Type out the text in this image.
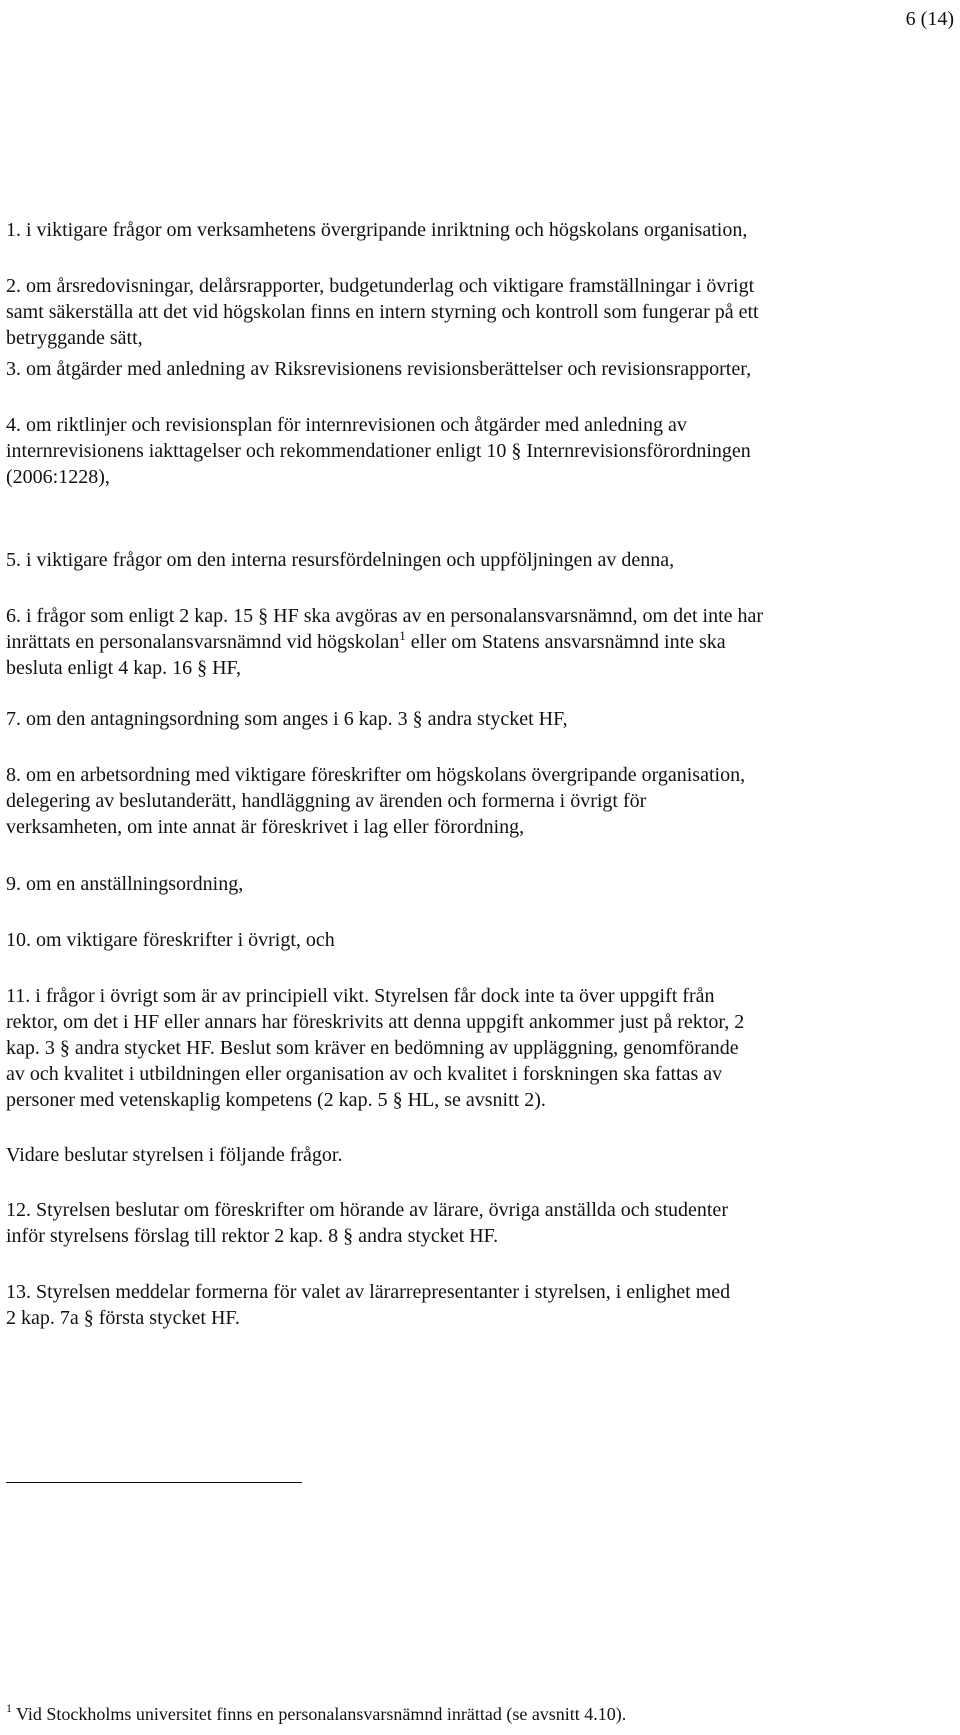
6 (14)

1. i viktigare frågor om verksamhetens övergripande inriktning och högskolans organisation,

2. om årsredovisningar, delårsrapporter, budgetunderlag och viktigare framställningar i övrigt
samt säkerställa att det vid högskolan finns en intern styrning och kontroll som fungerar på ett
betryggande sätt,

3. om åtgärder med anledning av Riksrevisionens revisionsberättelser och revisionsrapporter,

4. om riktlinjer och revisionsplan för internrevisionen och åtgärder med anledning av
internrevisionens iakttagelser och rekommendationer enligt 10 § Internrevisionsförordningen
(2006:1228),

5. i viktigare frågor om den interna resursfördelningen och uppföljningen av denna,

6. i frågor som enligt 2 kap. 15 § HF ska avgöras av en personalansvarsnämnd, om det inte har
inrättats en personalansvarsnämnd vid högskolan$^1$ eller om Statens ansvarsnämnd inte ska
besluta enligt 4 kap. 16 § HF,

7. om den antagningsordning som anges i 6 kap. 3 § andra stycket HF,

8. om en arbetsordning med viktigare föreskrifter om högskolans övergripande organisation,
delegering av beslutanderätt, handläggning av ärenden och formerna i övrigt för
verksamheten, om inte annat är föreskrivet i lag eller förordning,

9. om en anställningsordning,

10. om viktigare föreskrifter i övrigt, och

11. i frågor i övrigt som är av principiell vikt. Styrelsen får dock inte ta över uppgift från
rektor, om det i HF eller annars har föreskrivits att denna uppgift ankommer just på rektor, 2
kap. 3 § andra stycket HF. Beslut som kräver en bedömning av uppläggning, genomförande
av och kvalitet i utbildningen eller organisation av och kvalitet i forskningen ska fattas av
personer med vetenskaplig kompetens (2 kap. 5 § HL, se avsnitt 2).

Vidare beslutar styrelsen i följande frågor.

12. Styrelsen beslutar om föreskrifter om hörande av lärare, övriga anställda och studenter
inför styrelsens förslag till rektor 2 kap. 8 § andra stycket HF.

13. Styrelsen meddelar formerna för valet av lärarrepresentanter i styrelsen, i enlighet med
2 kap. 7a § första stycket HF.

$^1$ Vid Stockholms universitet finns en personalansvarsnämnd inrättad (se avsnitt 4.10).
